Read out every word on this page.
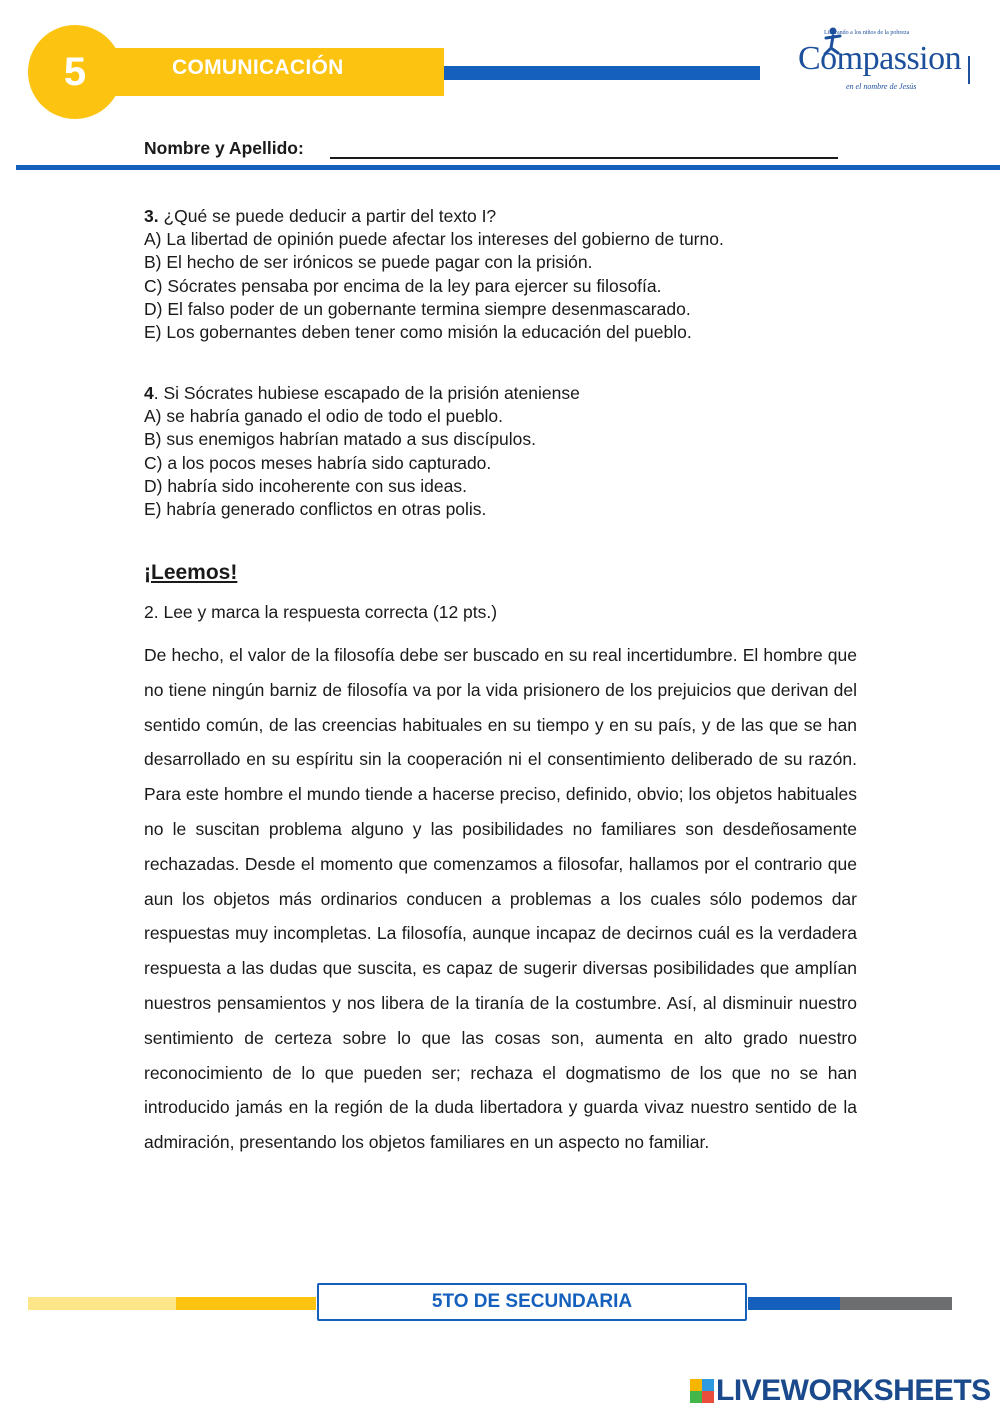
5	COMUNICACIÓN
Liberando a los niños de la pobreza
Compassion
en el nombre de Jesús
Nombre y Apellido:
3. ¿Qué se puede deducir a partir del texto I?
A) La libertad de opinión puede afectar los intereses del gobierno de turno.
B) El hecho de ser irónicos se puede pagar con la prisión.
C) Sócrates pensaba por encima de la ley para ejercer su filosofía.
D) El falso poder de un gobernante termina siempre desenmascarado.
E) Los gobernantes deben tener como misión la educación del pueblo.
4. Si Sócrates hubiese escapado de la prisión ateniense
A) se habría ganado el odio de todo el pueblo.
B) sus enemigos habrían matado a sus discípulos.
C) a los pocos meses habría sido capturado.
D) habría sido incoherente con sus ideas.
E) habría generado conflictos en otras polis.
¡Leemos!
2. Lee y marca la respuesta correcta (12 pts.)

De hecho, el valor de la filosofía debe ser buscado en su real incertidumbre. El hombre que no tiene ningún barniz de filosofía va por la vida prisionero de los prejuicios que derivan del sentido común, de las creencias habituales en su tiempo y en su país, y de las que se han desarrollado en su espíritu sin la cooperación ni el consentimiento deliberado de su razón. Para este hombre el mundo tiende a hacerse preciso, definido, obvio; los objetos habituales no le suscitan problema alguno y las posibilidades no familiares son desdeñosamente rechazadas. Desde el momento que comenzamos a filosofar, hallamos por el contrario que aun los objetos más ordinarios conducen a problemas a los cuales sólo podemos dar respuestas muy incompletas. La filosofía, aunque incapaz de decirnos cuál es la verdadera respuesta a las dudas que suscita, es capaz de sugerir diversas posibilidades que amplían nuestros pensamientos y nos libera de la tiranía de la costumbre. Así, al disminuir nuestro sentimiento de certeza sobre lo que las cosas son, aumenta en alto grado nuestro reconocimiento de lo que pueden ser; rechaza el dogmatismo de los que no se han introducido jamás en la región de la duda libertadora y guarda vivaz nuestro sentido de la admiración, presentando los objetos familiares en un aspecto no familiar.

5TO DE SECUNDARIA
LIVEWORKSHEETS
